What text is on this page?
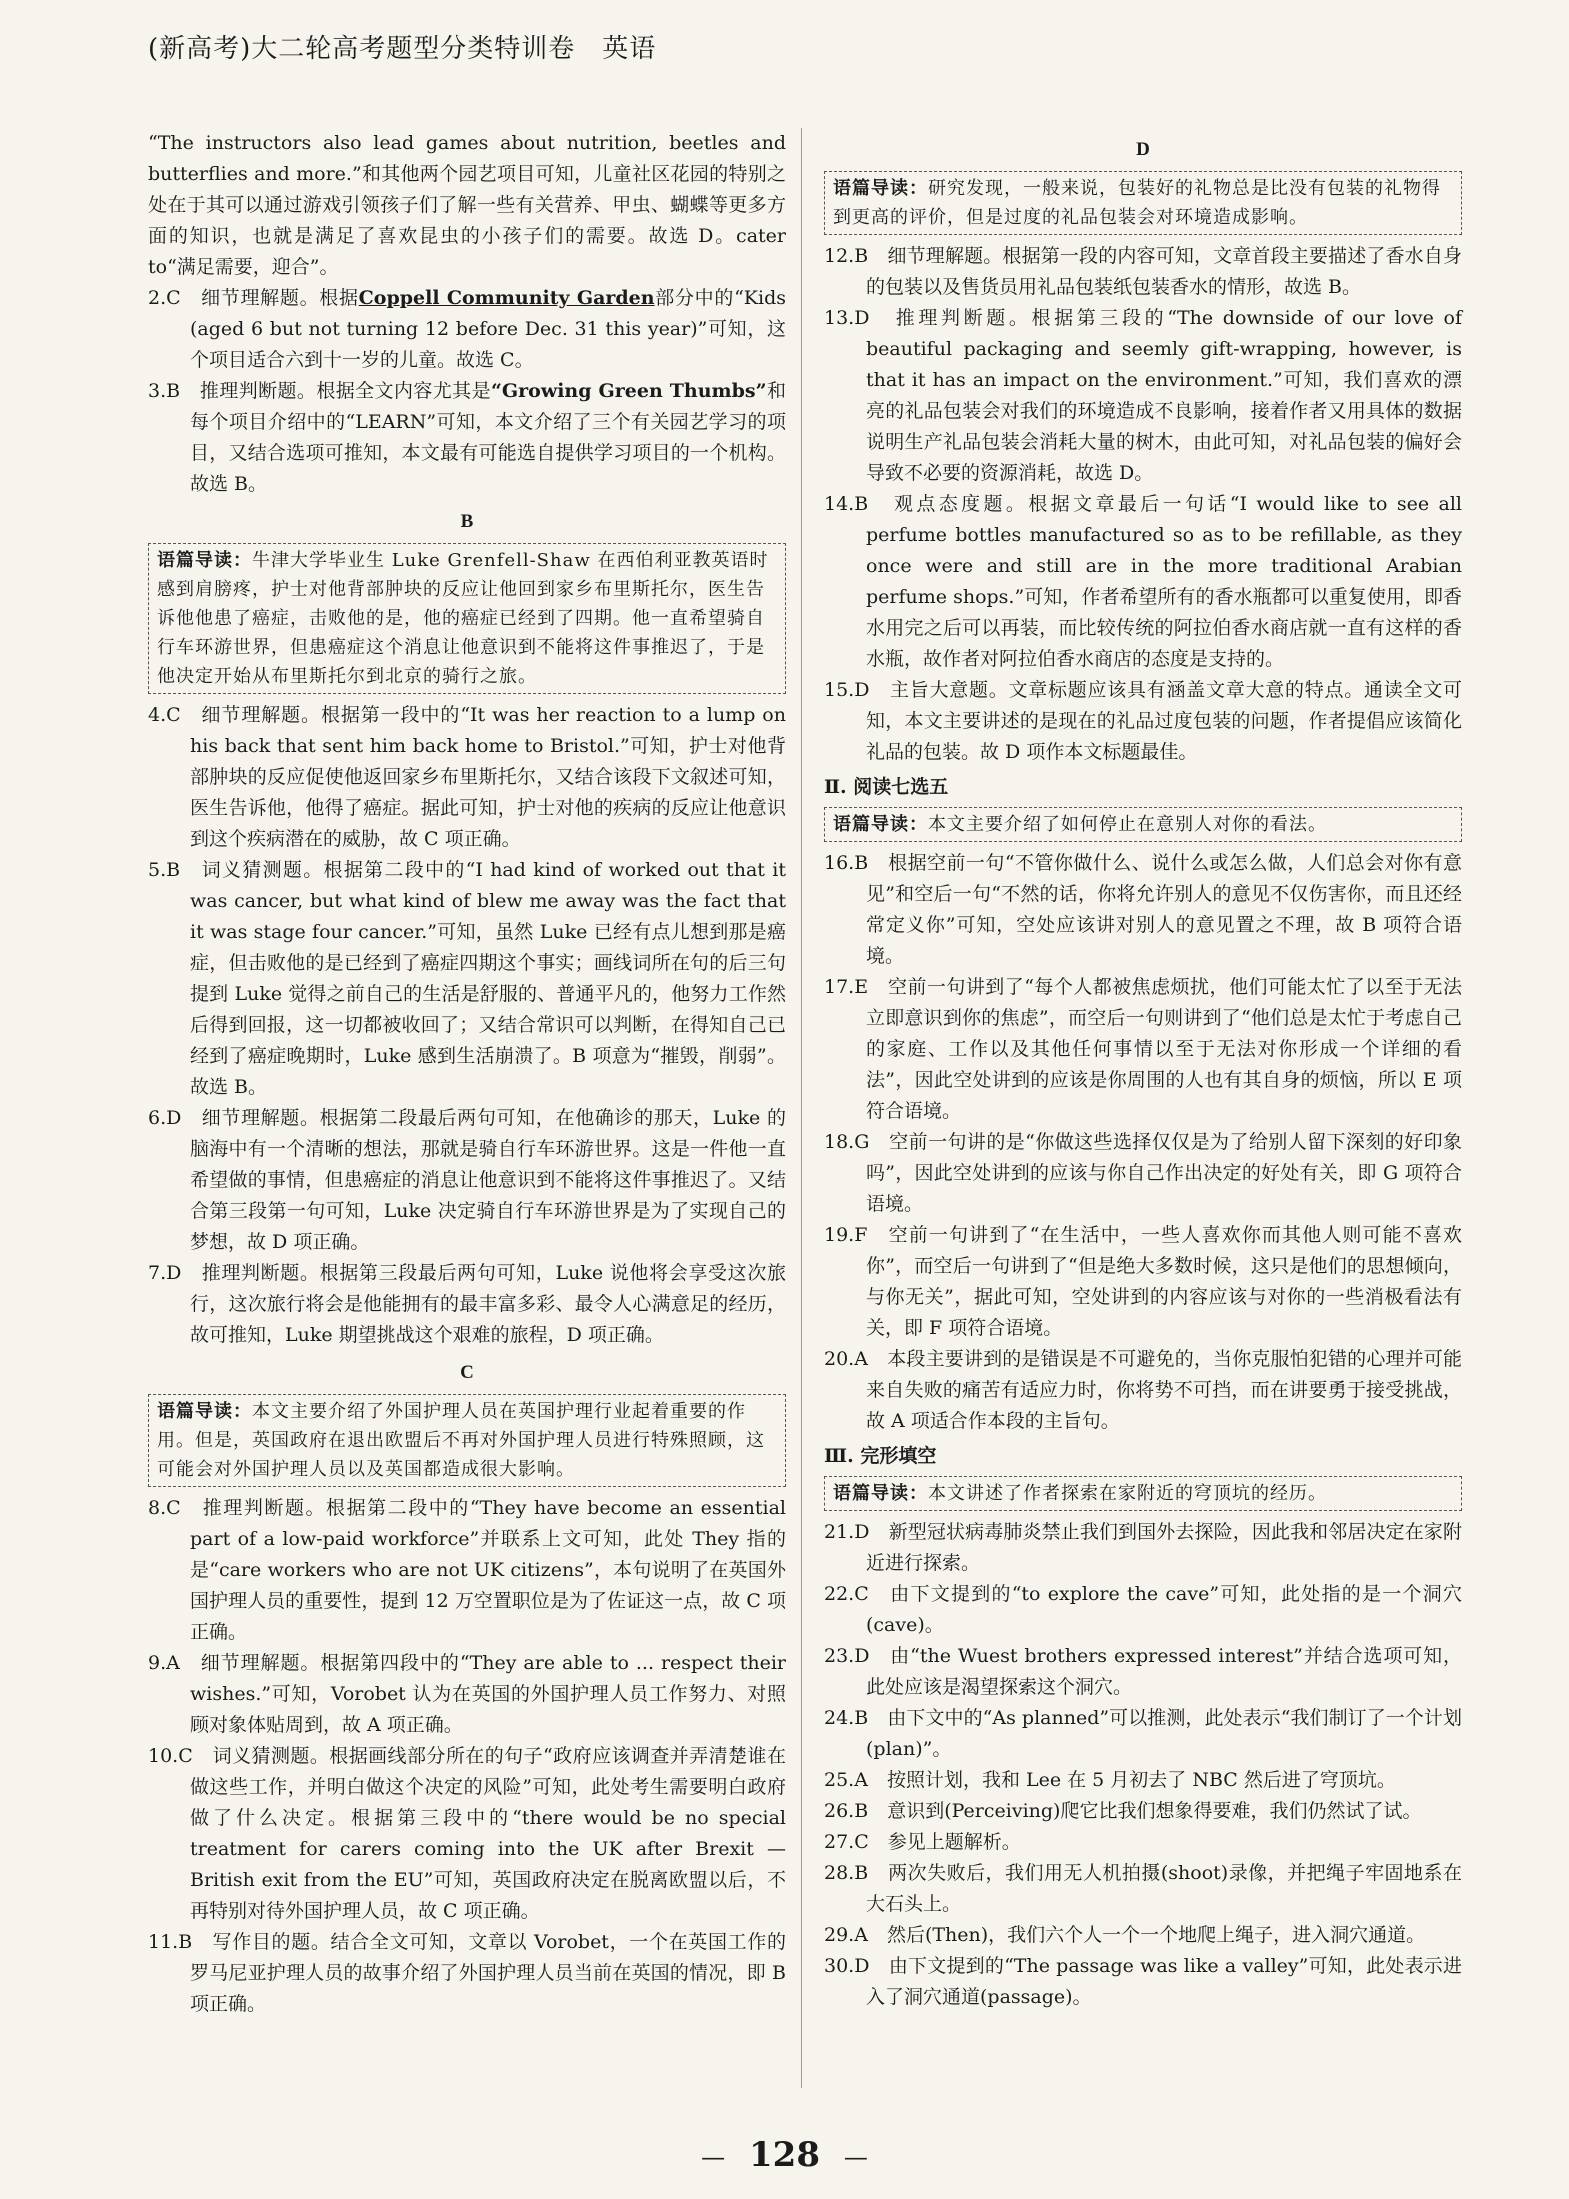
(新高考)大二轮高考题型分类特训卷　英语

“The instructors also lead games about nutrition, beetles and butterflies and more.”和其他两个园艺项目可知，儿童社区花园的特别之处在于其可以通过游戏引领孩子们了解一些有关营养、甲虫、蝴蝶等更多方面的知识，也就是满足了喜欢昆虫的小孩子们的需要。故选 D。cater to“满足需要，迎合”。

2.C　 细节理解题。根据Coppell Community Garden部分中的“Kids (aged 6 but not turning 12 before Dec. 31 this year)”可知，这个项目适合六到十一岁的儿童。故选 C。

3.B　 推理判断题。根据全文内容尤其是“Growing Green Thumbs”和每个项目介绍中的“LEARN”可知，本文介绍了三个有关园艺学习的项目，又结合选项可推知，本文最有可能选自提供学习项目的一个机构。故选 B。

B
语篇导读：牛津大学毕业生 Luke Grenfell-Shaw 在西伯利亚教英语时感到肩膀疼，护士对他背部肿块的反应让他回到家乡布里斯托尔，医生告诉他他患了癌症，击败他的是，他的癌症已经到了四期。他一直希望骑自行车环游世界，但患癌症这个消息让他意识到不能将这件事推迟了，于是他决定开始从布里斯托尔到北京的骑行之旅。

4.C　 细节理解题。根据第一段中的“It was her reaction to a lump on his back that sent him back home to Bristol.”可知，护士对他背部肿块的反应促使他返回家乡布里斯托尔，又结合该段下文叙述可知，医生告诉他，他得了癌症。据此可知，护士对他的疾病的反应让他意识到这个疾病潜在的威胁，故 C 项正确。

5.B　 词义猜测题。根据第二段中的“I had kind of worked out that it was cancer, but what kind of blew me away was the fact that it was stage four cancer.”可知，虽然 Luke 已经有点儿想到那是癌症，但击败他的是已经到了癌症四期这个事实；画线词所在句的后三句提到 Luke 觉得之前自己的生活是舒服的、普通平凡的，他努力工作然后得到回报，这一切都被收回了；又结合常识可以判断，在得知自己已经到了癌症晚期时，Luke 感到生活崩溃了。B 项意为“摧毁，削弱”。故选 B。

6.D　 细节理解题。根据第二段最后两句可知，在他确诊的那天，Luke 的脑海中有一个清晰的想法，那就是骑自行车环游世界。这是一件他一直希望做的事情，但患癌症的消息让他意识到不能将这件事推迟了。又结合第三段第一句可知，Luke 决定骑自行车环游世界是为了实现自己的梦想，故 D 项正确。

7.D　 推理判断题。根据第三段最后两句可知，Luke 说他将会享受这次旅行，这次旅行将会是他能拥有的最丰富多彩、最令人心满意足的经历，故可推知，Luke 期望挑战这个艰难的旅程，D 项正确。

C
语篇导读：本文主要介绍了外国护理人员在英国护理行业起着重要的作用。但是，英国政府在退出欧盟后不再对外国护理人员进行特殊照顾，这可能会对外国护理人员以及英国都造成很大影响。

8.C　 推理判断题。根据第二段中的“They have become an essential part of a low-paid workforce”并联系上文可知，此处 They 指的是“care workers who are not UK citizens”，本句说明了在英国外国护理人员的重要性，提到 12 万空置职位是为了佐证这一点，故 C 项正确。

9.A　 细节理解题。根据第四段中的“They are able to ... respect their wishes.”可知，Vorobet 认为在英国的外国护理人员工作努力、对照顾对象体贴周到，故 A 项正确。

10.C　 词义猜测题。根据画线部分所在的句子“政府应该调查并弄清楚谁在做这些工作，并明白做这个决定的风险”可知，此处考生需要明白政府做了什么决定。根据第三段中的“there would be no special treatment for carers coming into the UK after Brexit — British exit from the EU”可知，英国政府决定在脱离欧盟以后，不再特别对待外国护理人员，故 C 项正确。

11.B　 写作目的题。结合全文可知，文章以 Vorobet，一个在英国工作的罗马尼亚护理人员的故事介绍了外国护理人员当前在英国的情况，即 B 项正确。

D
语篇导读：研究发现，一般来说，包装好的礼物总是比没有包装的礼物得到更高的评价，但是过度的礼品包装会对环境造成影响。

12.B　 细节理解题。根据第一段的内容可知，文章首段主要描述了香水自身的包装以及售货员用礼品包装纸包装香水的情形，故选 B。

13.D　 推理判断题。根据第三段的“The downside of our love of beautiful packaging and seemly gift-wrapping, however, is that it has an impact on the environment.”可知，我们喜欢的漂亮的礼品包装会对我们的环境造成不良影响，接着作者又用具体的数据说明生产礼品包装会消耗大量的树木，由此可知，对礼品包装的偏好会导致不必要的资源消耗，故选 D。

14.B　 观点态度题。根据文章最后一句话“I would like to see all perfume bottles manufactured so as to be refillable, as they once were and still are in the more traditional Arabian perfume shops.”可知，作者希望所有的香水瓶都可以重复使用，即香水用完之后可以再装，而比较传统的阿拉伯香水商店就一直有这样的香水瓶，故作者对阿拉伯香水商店的态度是支持的。

15.D　 主旨大意题。文章标题应该具有涵盖文章大意的特点。通读全文可知，本文主要讲述的是现在的礼品过度包装的问题，作者提倡应该简化礼品的包装。故 D 项作本文标题最佳。

Ⅱ. 阅读七选五
语篇导读：本文主要介绍了如何停止在意别人对你的看法。

16.B　 根据空前一句“不管你做什么、说什么或怎么做，人们总会对你有意见”和空后一句“不然的话，你将允许别人的意见不仅伤害你，而且还经常定义你”可知，空处应该讲对别人的意见置之不理，故 B 项符合语境。

17.E　 空前一句讲到了“每个人都被焦虑烦扰，他们可能太忙了以至于无法立即意识到你的焦虑”，而空后一句则讲到了“他们总是太忙于考虑自己的家庭、工作以及其他任何事情以至于无法对你形成一个详细的看法”，因此空处讲到的应该是你周围的人也有其自身的烦恼，所以 E 项符合语境。

18.G　 空前一句讲的是“你做这些选择仅仅是为了给别人留下深刻的好印象吗”，因此空处讲到的应该与你自己作出决定的好处有关，即 G 项符合语境。

19.F　 空前一句讲到了“在生活中，一些人喜欢你而其他人则可能不喜欢你”，而空后一句讲到了“但是绝大多数时候，这只是他们的思想倾向，与你无关”，据此可知，空处讲到的内容应该与对你的一些消极看法有关，即 F 项符合语境。

20.A　 本段主要讲到的是错误是不可避免的，当你克服怕犯错的心理并可能来自失败的痛苦有适应力时，你将势不可挡，而在讲要勇于接受挑战，故 A 项适合作本段的主旨句。

Ⅲ. 完形填空
语篇导读：本文讲述了作者探索在家附近的穹顶坑的经历。

21.D　 新型冠状病毒肺炎禁止我们到国外去探险，因此我和邻居决定在家附近进行探索。

22.C　 由下文提到的“to explore the cave”可知，此处指的是一个洞穴(cave)。

23.D　 由“the Wuest brothers expressed interest”并结合选项可知，此处应该是渴望探索这个洞穴。

24.B　 由下文中的“As planned”可以推测，此处表示“我们制订了一个计划(plan)”。

25.A　 按照计划，我和 Lee 在 5 月初去了 NBC 然后进了穹顶坑。

26.B　 意识到(Perceiving)爬它比我们想象得要难，我们仍然试了试。

27.C　 参见上题解析。

28.B　 两次失败后，我们用无人机拍摄(shoot)录像，并把绳子牢固地系在大石头上。

29.A　 然后(Then)，我们六个人一个一个地爬上绳子，进入洞穴通道。

30.D　 由下文提到的“The passage was like a valley”可知，此处表示进入了洞穴通道(passage)。

— 128 —
